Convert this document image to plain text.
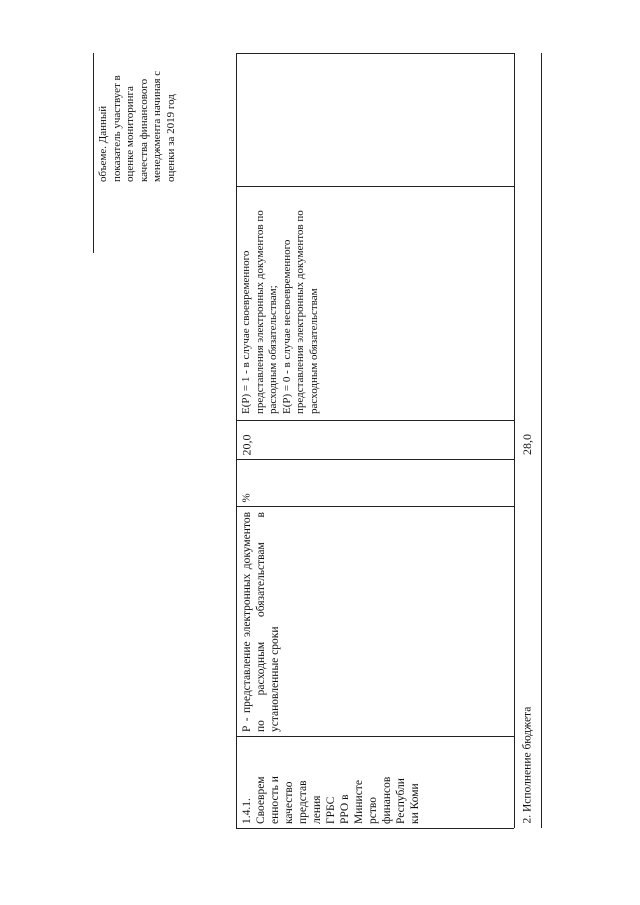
1.4.1.
Своеврем
енность и
качество
представ
ления
ГРБС
РРО в
Министе
рство
финансов
Республи
ки Коми
Р - представление электронных документов по расходным обязательствам в установленные сроки
%
20,0
E(P) = 1 - в случае своевременного представления электронных документов по расходным обязательствам;
E(P) = 0 - в случае несвоевременного представления электронных документов по расходным обязательствам
объеме. Данный показатель участвует в оценке мониторинга качества финансового менеджмента начиная с оценки за 2019 год
2. Исполнение бюджета
28,0
